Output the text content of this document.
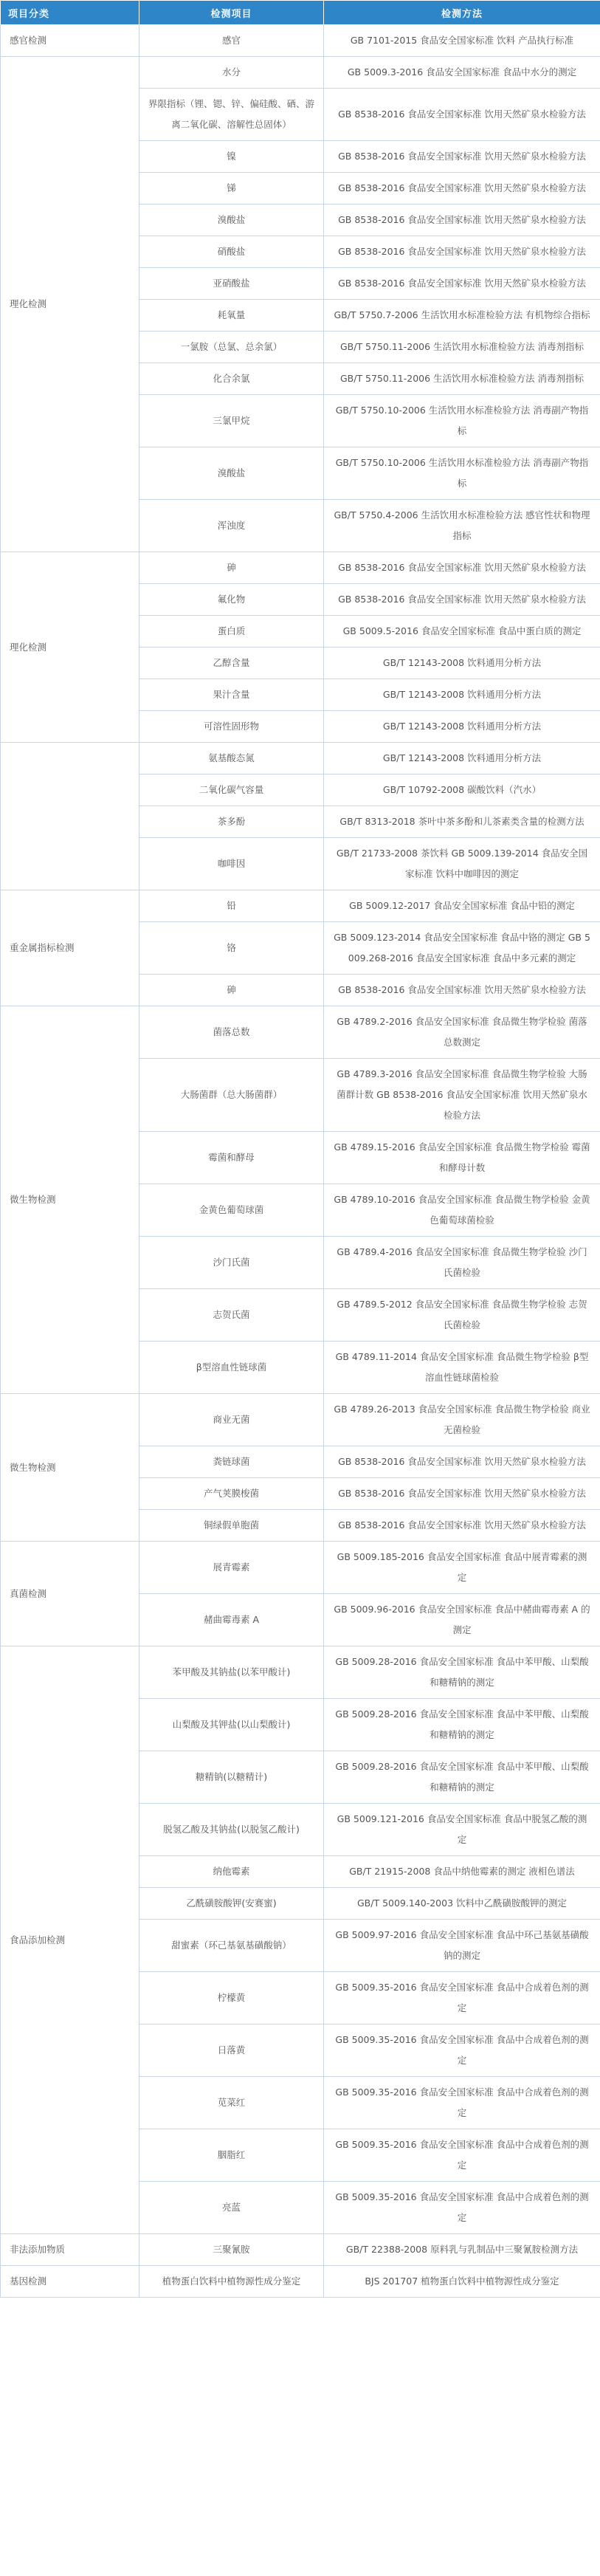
项目分类	检测项目	检测方法
感官检测	感官	GB 7101-2015 食品安全国家标准 饮料 产品执行标准
理化检测	水分	GB 5009.3-2016 食品安全国家标准 食品中水分的测定
	界限指标（锂、锶、锌、偏硅酸、硒、游离二氧化碳、溶解性总固体）	GB 8538-2016 食品安全国家标准 饮用天然矿泉水检验方法
	镍	GB 8538-2016 食品安全国家标准 饮用天然矿泉水检验方法
	锑	GB 8538-2016 食品安全国家标准 饮用天然矿泉水检验方法
	溴酸盐	GB 8538-2016 食品安全国家标准 饮用天然矿泉水检验方法
	硝酸盐	GB 8538-2016 食品安全国家标准 饮用天然矿泉水检验方法
	亚硝酸盐	GB 8538-2016 食品安全国家标准 饮用天然矿泉水检验方法
	耗氧量	GB/T 5750.7-2006 生活饮用水标准检验方法 有机物综合指标
	一氯胺（总氯、总余氯）	GB/T 5750.11-2006 生活饮用水标准检验方法 消毒剂指标
	化合余氯	GB/T 5750.11-2006 生活饮用水标准检验方法 消毒剂指标
	三氯甲烷	GB/T 5750.10-2006 生活饮用水标准检验方法 消毒副产物指标
	溴酸盐	GB/T 5750.10-2006 生活饮用水标准检验方法 消毒副产物指标
	浑浊度	GB/T 5750.4-2006 生活饮用水标准检验方法 感官性状和物理指标
理化检测	砷	GB 8538-2016 食品安全国家标准 饮用天然矿泉水检验方法
	氟化物	GB 8538-2016 食品安全国家标准 饮用天然矿泉水检验方法
	蛋白质	GB 5009.5-2016 食品安全国家标准 食品中蛋白质的测定
	乙醇含量	GB/T 12143-2008 饮料通用分析方法
	果汁含量	GB/T 12143-2008 饮料通用分析方法
	可溶性固形物	GB/T 12143-2008 饮料通用分析方法
	氨基酸态氮	GB/T 12143-2008 饮料通用分析方法
	二氧化碳气容量	GB/T 10792-2008 碳酸饮料（汽水）
	茶多酚	GB/T 8313-2018 茶叶中茶多酚和儿茶素类含量的检测方法
	咖啡因	GB/T 21733-2008 茶饮料 GB 5009.139-2014 食品安全国家标准 饮料中咖啡因的测定
重金属指标检测	铅	GB 5009.12-2017 食品安全国家标准 食品中铅的测定
	铬	GB 5009.123-2014 食品安全国家标准 食品中铬的测定 GB 5009.268-2016 食品安全国家标准 食品中多元素的测定
	砷	GB 8538-2016 食品安全国家标准 饮用天然矿泉水检验方法
微生物检测	菌落总数	GB 4789.2-2016 食品安全国家标准 食品微生物学检验 菌落总数测定
	大肠菌群（总大肠菌群）	GB 4789.3-2016 食品安全国家标准 食品微生物学检验 大肠菌群计数 GB 8538-2016 食品安全国家标准 饮用天然矿泉水检验方法
	霉菌和酵母	GB 4789.15-2016 食品安全国家标准 食品微生物学检验 霉菌和酵母计数
	金黄色葡萄球菌	GB 4789.10-2016 食品安全国家标准 食品微生物学检验 金黄色葡萄球菌检验
	沙门氏菌	GB 4789.4-2016 食品安全国家标准 食品微生物学检验 沙门氏菌检验
	志贺氏菌	GB 4789.5-2012 食品安全国家标准 食品微生物学检验 志贺氏菌检验
	β型溶血性链球菌	GB 4789.11-2014 食品安全国家标准 食品微生物学检验 β型溶血性链球菌检验
微生物检测	商业无菌	GB 4789.26-2013 食品安全国家标准 食品微生物学检验 商业无菌检验
	粪链球菌	GB 8538-2016 食品安全国家标准 饮用天然矿泉水检验方法
	产气荚膜梭菌	GB 8538-2016 食品安全国家标准 饮用天然矿泉水检验方法
	铜绿假单胞菌	GB 8538-2016 食品安全国家标准 饮用天然矿泉水检验方法
真菌检测	展青霉素	GB 5009.185-2016 食品安全国家标准 食品中展青霉素的测定
	赭曲霉毒素 A	GB 5009.96-2016 食品安全国家标准 食品中赭曲霉毒素 A 的测定
食品添加检测	苯甲酸及其钠盐(以苯甲酸计)	GB 5009.28-2016 食品安全国家标准 食品中苯甲酸、山梨酸和糖精钠的测定
	山梨酸及其钾盐(以山梨酸计)	GB 5009.28-2016 食品安全国家标准 食品中苯甲酸、山梨酸和糖精钠的测定
	糖精钠(以糖精计)	GB 5009.28-2016 食品安全国家标准 食品中苯甲酸、山梨酸和糖精钠的测定
	脱氢乙酸及其钠盐(以脱氢乙酸计)	GB 5009.121-2016 食品安全国家标准 食品中脱氢乙酸的测定
	纳他霉素	GB/T 21915-2008 食品中纳他霉素的测定 液相色谱法
	乙酰磺胺酸钾(安赛蜜)	GB/T 5009.140-2003 饮料中乙酰磺胺酸钾的测定
	甜蜜素（环己基氨基磺酸钠）	GB 5009.97-2016 食品安全国家标准 食品中环己基氨基磺酸钠的测定
	柠檬黄	GB 5009.35-2016 食品安全国家标准 食品中合成着色剂的测定
	日落黄	GB 5009.35-2016 食品安全国家标准 食品中合成着色剂的测定
	苋菜红	GB 5009.35-2016 食品安全国家标准 食品中合成着色剂的测定
	胭脂红	GB 5009.35-2016 食品安全国家标准 食品中合成着色剂的测定
	亮蓝	GB 5009.35-2016 食品安全国家标准 食品中合成着色剂的测定
非法添加物质	三聚氰胺	GB/T 22388-2008 原料乳与乳制品中三聚氰胺检测方法
基因检测	植物蛋白饮料中植物源性成分鉴定	BJS 201707 植物蛋白饮料中植物源性成分鉴定
